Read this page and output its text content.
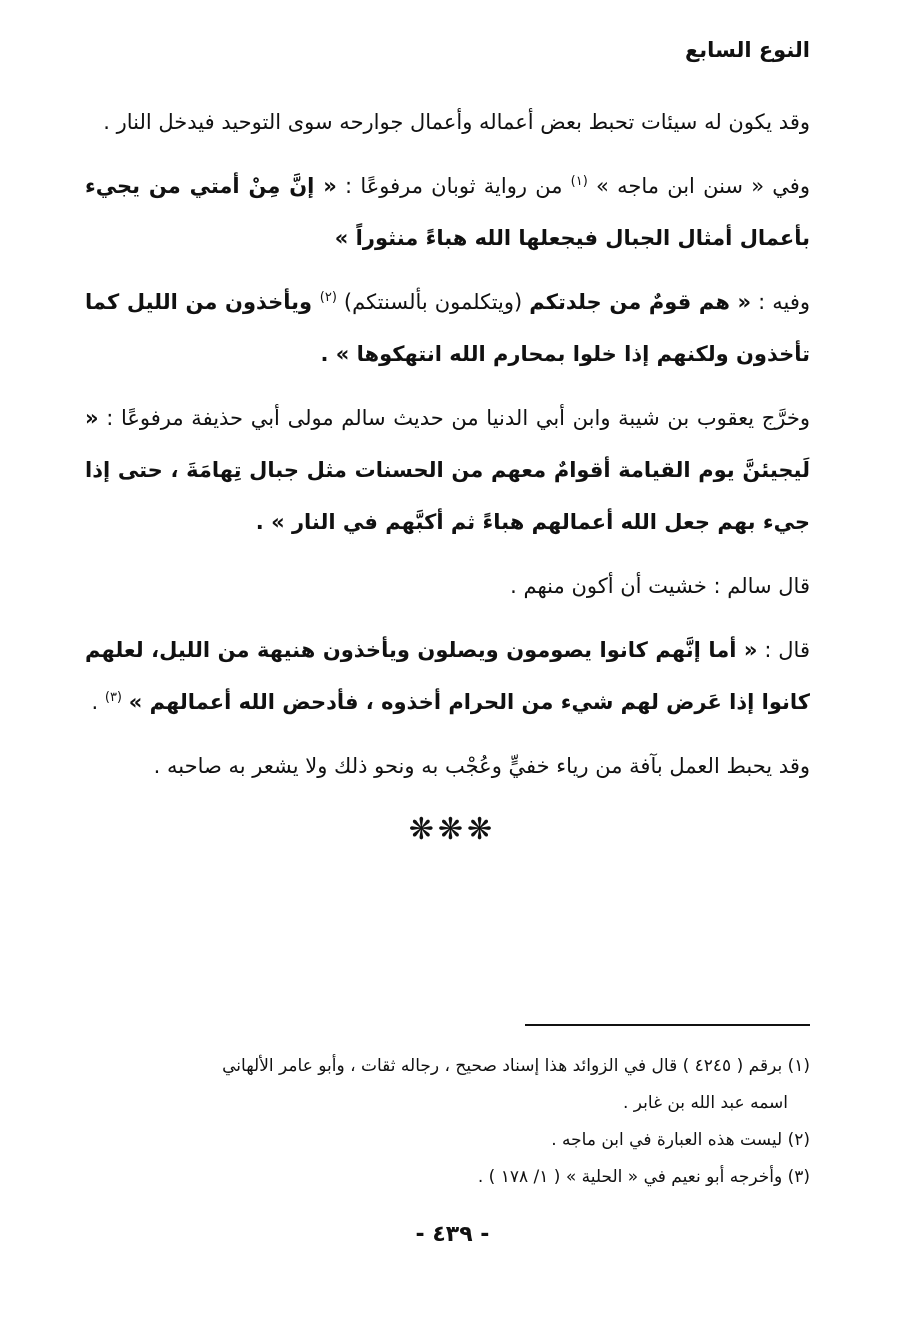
النوع السابع

وقد يكون له سيئات تحبط بعض أعماله وأعمال جوارحه سوى التوحيد فيدخل النار .

وفي « سنن ابن ماجه » $^{(١)}$ من رواية ثوبان مرفوعًا : « إنَّ مِنْ أمتي من يجيء بأعمال أمثال الجبال فيجعلها الله هباءً منثوراً »

وفيه : « هم قومٌ من جلدتكم (ويتكلمون بألسنتكم) $^{(٢)}$ ويأخذون من الليل كما تأخذون ولكنهم إذا خلوا بمحارم الله انتهكوها » .

وخرَّج يعقوب بن شيبة وابن أبي الدنيا من حديث سالم مولى أبي حذيفة مرفوعًا : « لَيجيئنَّ يوم القيامة أقوامٌ معهم من الحسنات مثل جبال تِهامَةَ ، حتى إذا جيء بهم جعل الله أعمالهم هباءً ثم أكبَّهم في النار » .

قال سالم : خشيت أن أكون منهم .

قال : « أما إنَّهم كانوا يصومون ويصلون ويأخذون هنيهة من الليل، لعلهم كانوا إذا عَرض لهم شيء من الحرام أخذوه ، فأدحض الله أعمالهم » $^{(٣)}$ .

وقد يحبط العمل بآفة من رياء خفيٍّ وعُجْب به ونحو ذلك ولا يشعر به صاحبه .

❋❋❋
(١) برقم ( ٤٢٤٥ ) قال في الزوائد هذا إسناد صحيح ، رجاله ثقات ، وأبو عامر الألهاني
اسمه عبد الله بن غابر .
(٢) ليست هذه العبارة في ابن ماجه .
(٣) وأخرجه أبو نعيم في « الحلية » ( ١/ ١٧٨ ) .
- ٤٣٩ -
